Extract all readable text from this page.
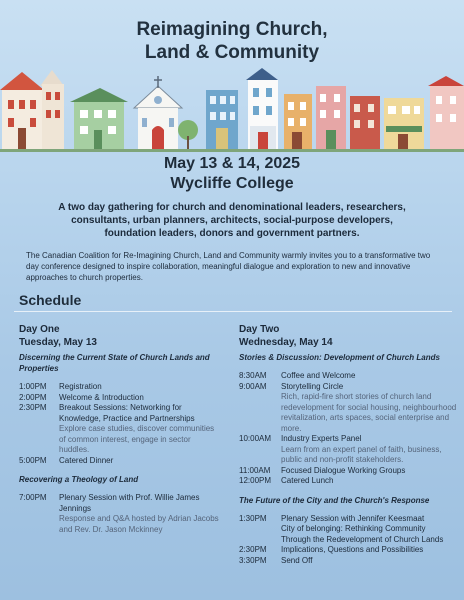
Reimagining Church,
Land & Community
May 13 & 14, 2025
Wycliffe College
A two day gathering for church and denominational leaders, researchers, consultants, urban planners, architects, social-purpose developers, foundation leaders, donors and government partners.
The Canadian Coalition for Re-Imagining Church, Land and Community warmly invites you to a transformative two day conference designed to inspire collaboration, meaningful dialogue and exploration to new and innovative approaches to church properties.
Schedule
Day One
Tuesday, May 13
Discerning the Current State of Church Lands and Properties
1:00PM	Registration
2:00PM	Welcome & Introduction
2:30PM	Breakout Sessions: Networking for Knowledge, Practice and Partnerships
Explore case studies, discover communities of common interest, engage in sector huddles.
5:00PM	Catered Dinner
Recovering a Theology of Land
7:00PM	Plenary Session with Prof. Willie James Jennings
Response and Q&A hosted by Adrian Jacobs and Rev. Dr. Jason Mckinney
Day Two
Wednesday, May 14
Stories & Discussion: Development of Church Lands
8:30AM	Coffee and Welcome
9:00AM	Storytelling Circle
Rich, rapid-fire short stories of church land redevelopment for social housing, neighbourhood revitalization, arts spaces, social enterprise and more.
10:00AM	Industry Experts Panel
Learn from an expert panel of faith, business, public and non-profit stakeholders.
11:00AM	Focused Dialogue Working Groups
12:00PM	Catered Lunch
The Future of the City and the Church's Response
1:30PM	Plenary Session with Jennifer Keesmaat
City of belonging: Rethinking Community Through the Redevelopment of Church Lands
2:30PM	Implications, Questions and Possibilities
3:30PM	Send Off
